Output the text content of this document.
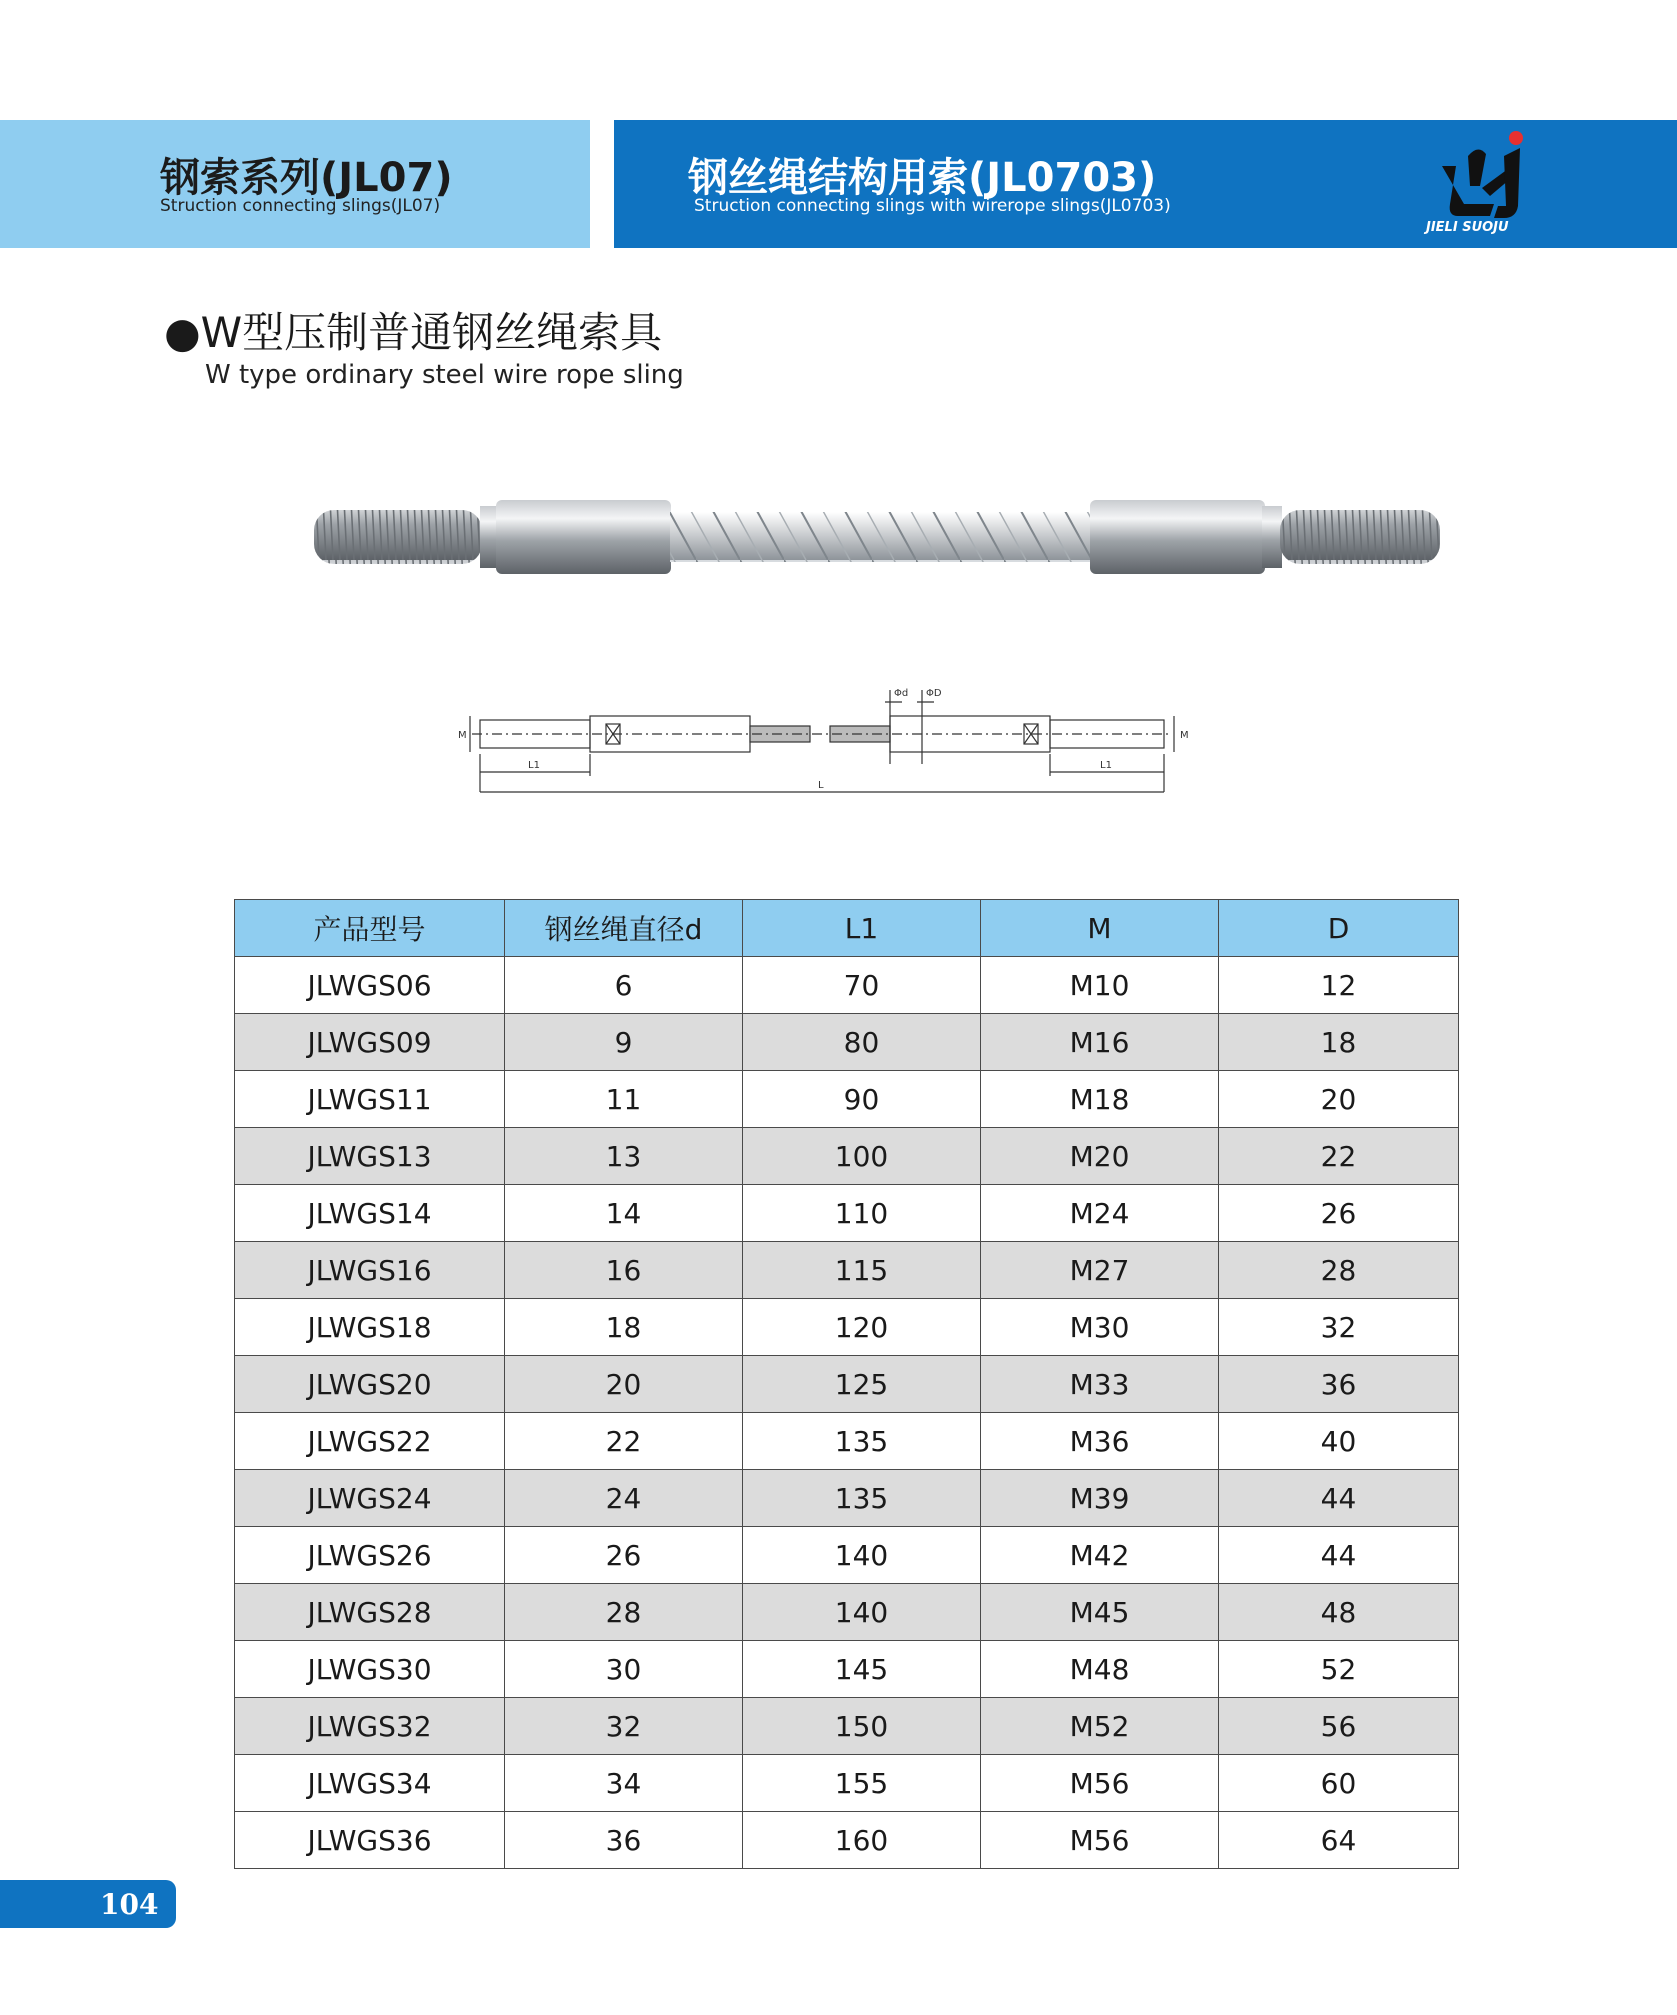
钢索系列(JL07)
Struction connecting slings(JL07)
钢丝绳结构用索(JL0703)
Struction connecting slings with wirerope slings(JL0703)
JIELI SUOJU
●W型压制普通钢丝绳索具
W type ordinary steel wire rope sling
M	M
L1	L1
L
Φd ΦD
产品型号	钢丝绳直径d	L1	M	D
JLWGS06	6	70	M10	12
JLWGS09	9	80	M16	18
JLWGS11	11	90	M18	20
JLWGS13	13	100	M20	22
JLWGS14	14	110	M24	26
JLWGS16	16	115	M27	28
JLWGS18	18	120	M30	32
JLWGS20	20	125	M33	36
JLWGS22	22	135	M36	40
JLWGS24	24	135	M39	44
JLWGS26	26	140	M42	44
JLWGS28	28	140	M45	48
JLWGS30	30	145	M48	52
JLWGS32	32	150	M52	56
JLWGS34	34	155	M56	60
JLWGS36	36	160	M56	64
104
